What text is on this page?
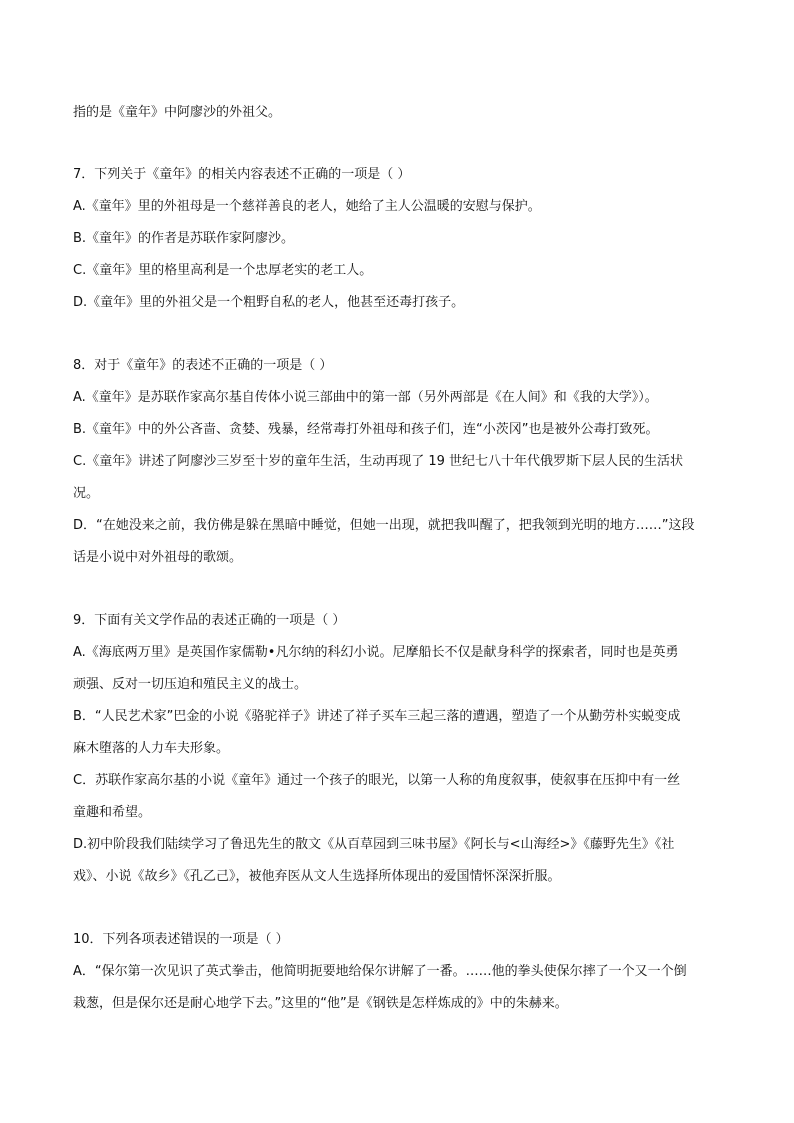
指的是《童年》中阿廖沙的外祖父。
7．下列关于《童年》的相关内容表述不正确的一项是（ ）
A.《童年》里的外祖母是一个慈祥善良的老人，她给了主人公温暖的安慰与保护。
B.《童年》的作者是苏联作家阿廖沙。
C.《童年》里的格里高利是一个忠厚老实的老工人。
D.《童年》里的外祖父是一个粗野自私的老人，他甚至还毒打孩子。
8．对于《童年》的表述不正确的一项是（ ）
A.《童年》是苏联作家高尔基自传体小说三部曲中的第一部（另外两部是《在人间》和《我的大学》）。
B.《童年》中的外公吝啬、贪婪、残暴，经常毒打外祖母和孩子们，连“小茨冈”也是被外公毒打致死。
C.《童年》讲述了阿廖沙三岁至十岁的童年生活，生动再现了 19 世纪七八十年代俄罗斯下层人民的生活状
况。
D．“在她没来之前，我仿佛是躲在黑暗中睡觉，但她一出现，就把我叫醒了，把我领到光明的地方……”这段
话是小说中对外祖母的歌颂。
9．下面有关文学作品的表述正确的一项是（ ）
A.《海底两万里》是英国作家儒勒•凡尔纳的科幻小说。尼摩船长不仅是献身科学的探索者，同时也是英勇
顽强、反对一切压迫和殖民主义的战士。
B．“人民艺术家”巴金的小说《骆驼祥子》讲述了祥子买车三起三落的遭遇，塑造了一个从勤劳朴实蜕变成
麻木堕落的人力车夫形象。
C．苏联作家高尔基的小说《童年》通过一个孩子的眼光，以第一人称的角度叙事，使叙事在压抑中有一丝
童趣和希望。
D.初中阶段我们陆续学习了鲁迅先生的散文《从百草园到三味书屋》《阿长与<山海经>》《藤野先生》《社
戏》、小说《故乡》《孔乙己》，被他弃医从文人生选择所体现出的爱国情怀深深折服。
10．下列各项表述错误的一项是（ ）
A．“保尔第一次见识了英式拳击，他简明扼要地给保尔讲解了一番。……他的拳头使保尔摔了一个又一个倒
栽葱，但是保尔还是耐心地学下去。”这里的“他”是《钢铁是怎样炼成的》中的朱赫来。
